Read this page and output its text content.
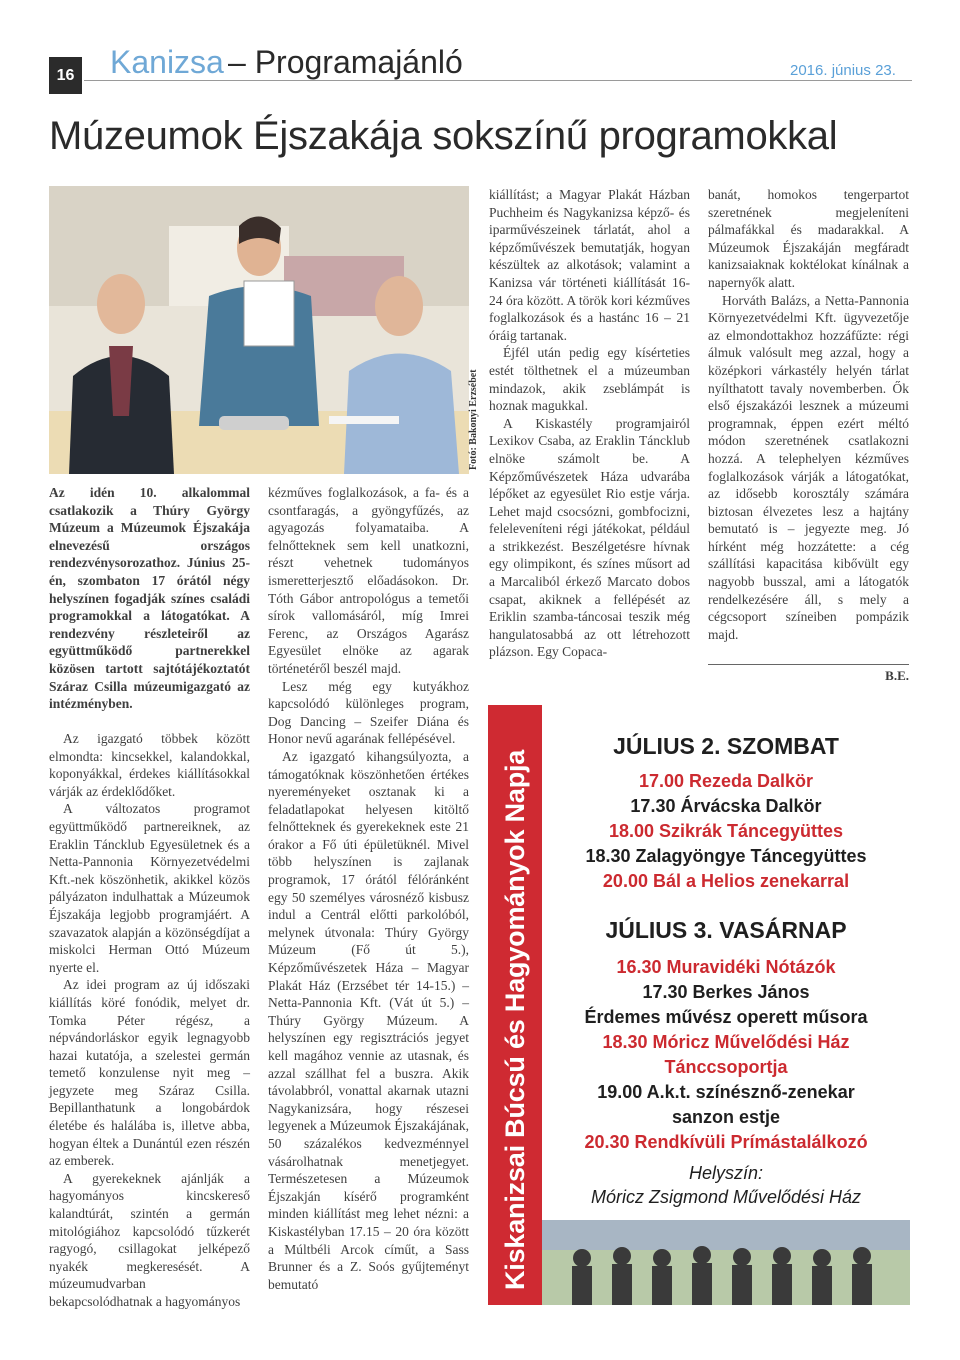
16 Kanizsa – Programajánló	2016. június 23.
Múzeumok Éjszakája sokszínű programokkal
Fotó: Bakonyi Erzsébet

Az idén 10. alkalommal csatlakozik a Thúry György Múzeum a Múzeumok Éjszakája elnevezésű országos rendezvénysorozathoz. Június 25-én, szombaton 17 órától négy helyszínen fogadják színes családi programokkal a látogatókat. A rendezvény részleteiről az együttműködő partnerekkel közösen tartott sajtótájékoztatót Száraz Csilla múzeumigazgató az intézményben.

Az igazgató többek között elmondta: kincsekkel, kalandokkal, koponyákkal, érdekes kiállításokkal várják az érdeklődőket.

A változatos programot együttműködő partnereiknek, az Eraklin Táncklub Egyesületnek és a Netta-Pannonia Környezetvédelmi Kft.-nek köszönhetik, akikkel közös pályázaton indulhattak a Múzeumok Éjszakája legjobb programjáért. A szavazatok alapján a közönségdíjat a miskolci Herman Ottó Múzeum nyerte el.

Az idei program az új időszaki kiállítás köré fonódik, melyet dr. Tomka Péter régész, a népvándorláskor egyik legnagyobb hazai kutatója, a szelestei germán temető konzulense nyit meg – jegyzete meg Száraz Csilla. Bepillanthatunk a longobárdok életébe és halálába is, illetve abba, hogyan éltek a Dunántúl ezen részén az emberek.

A gyerekeknek ajánlják a hagyományos kincskereső kalandtúrát, szintén a germán mitológiához kapcsolódó tűzkerét ragyogó, csillagokat jelképező nyakék megkeresését. A múzeumudvarban bekapcsolódhatnak a hagyományos

kézműves foglalkozások, a fa- és a csontfaragás, a gyöngyfűzés, az agyagozás folyamataiba. A felnőtteknek sem kell unatkozni, részt vehetnek tudományos ismeretterjesztő előadásokon. Dr. Tóth Gábor antropológus a temetői sírok vallomásáról, míg Imrei Ferenc, az Országos Agarász Egyesület elnöke az agarak történetéről beszél majd.

Lesz még egy kutyákhoz kapcsolódó különleges program, Dog Dancing – Szeifer Diána és Honor nevű agarának fellépésével.

Az igazgató kihangsúlyozta, a támogatóknak köszönhetően értékes nyereményeket osztanak ki a feladatlapokat helyesen kitöltő felnőtteknek és gyerekeknek este 21 órakor a Fő úti épületüknél. Mivel több helyszínen is zajlanak programok, 17 órától félóránként egy 50 személyes városnéző kisbusz indul a Centrál előtti parkolóból, melynek útvonala: Thúry György Múzeum (Fő út 5.), Képzőművészetek Háza – Magyar Plakát Ház (Erzsébet tér 14-15.) – Netta-Pannonia Kft. (Vát út 5.) – Thúry György Múzeum. A helyszínen egy regisztrációs jegyet kell magához vennie az utasnak, és azzal szállhat fel a buszra. Akik távolabbról, vonattal akarnak utazni Nagykanizsára, hogy részesei legyenek a Múzeumok Éjszakájának, 50 százalékos kedvezménnyel vásárolhatnak menetjegyet. Természetesen a Múzeumok Éjszakján kísérő programként minden kiállítást meg lehet nézni: a Kiskastélyban 17.15 – 20 óra között a Múltbéli Arcok címűt, a Sass Brunner és a Z. Soós gyűjteményt bemutató

kiállítást; a Magyar Plakát Házban Puchheim és Nagykanizsa képző- és iparművészeinek tárlatát, ahol a képzőművészek bemutatják, hogyan készültek az alkotások; valamint a Kanizsa vár történeti kiállítását 16-24 óra között. A török kori kézműves foglalkozások és a hastánc 16 – 21 óráig tartanak.

Éjfél után pedig egy kísérteties estét tölthetnek el a múzeumban mindazok, akik zseblámpát is hoznak magukkal.

A Kiskastély programjairól Lexikov Csaba, az Eraklin Táncklub elnöke számolt be. A Képzőművészetek Háza udvarába lépőket az egyesület Rio estje várja. Lehet majd csocsózni, gombfocizni, feleleveníteni régi játékokat, például a strikkezést. Beszélgetésre hívnak egy olimpikont, és színes műsort ad a Marcaliból érkező Marcato dobos csapat, akiknek a fellépését az Eriklin szamba-táncosai teszik még hangulatosabbá az ott létrehozott plázson. Egy Copaca-

banát, homokos tengerpartot szeretnének megjeleníteni pálmafákkal és madarakkal. A Múzeumok Éjszakáján megfáradt kanizsaiaknak koktélokat kínálnak a napernyők alatt.

Horváth Balázs, a Netta-Pannonia Környezetvédelmi Kft. ügyvezetője az elmondottakhoz hozzáfűzte: régi álmuk valósult meg azzal, hogy a középkori várkastély helyén tárlat nyílthatott tavaly novemberben. Ők első éjszakázói lesznek a múzeumi programnak, éppen ezért méltó módon szeretnének csatlakozni hozzá. A telephelyen kézműves foglalkozások várják a látogatókat, az idősebb korosztály számára biztosan élvezetes lesz a hajtány bemutató is – jegyezte meg. Jó hírként még hozzátette: a cég szállítási kapacitása kibővült egy nagyobb busszal, ami a látogatók rendelkezésére áll, s mely a cégcsoport színeiben pompázik majd.

B.E.
Kiskanizsai Búcsú és Hagyományok Napja
JÚLIUS 2. SZOMBAT
17.00 Rezeda Dalkör
17.30 Árvácska Dalkör
18.00 Szikrák Táncegyüttes
18.30 Zalagyöngye Táncegyüttes
20.00 Bál a Helios zenekarral
JÚLIUS 3. VASÁRNAP
16.30 Muravidéki Nótázók
17.30 Berkes János
Érdemes művész operett műsora
18.30 Móricz Művelődési Ház
Tánccsoportja
19.00 A.k.t. színésznő-zenekar
sanzon estje
20.30 Rendkívüli Prímástalálkozó
Helyszín:
Móricz Zsigmond Művelődési Ház
